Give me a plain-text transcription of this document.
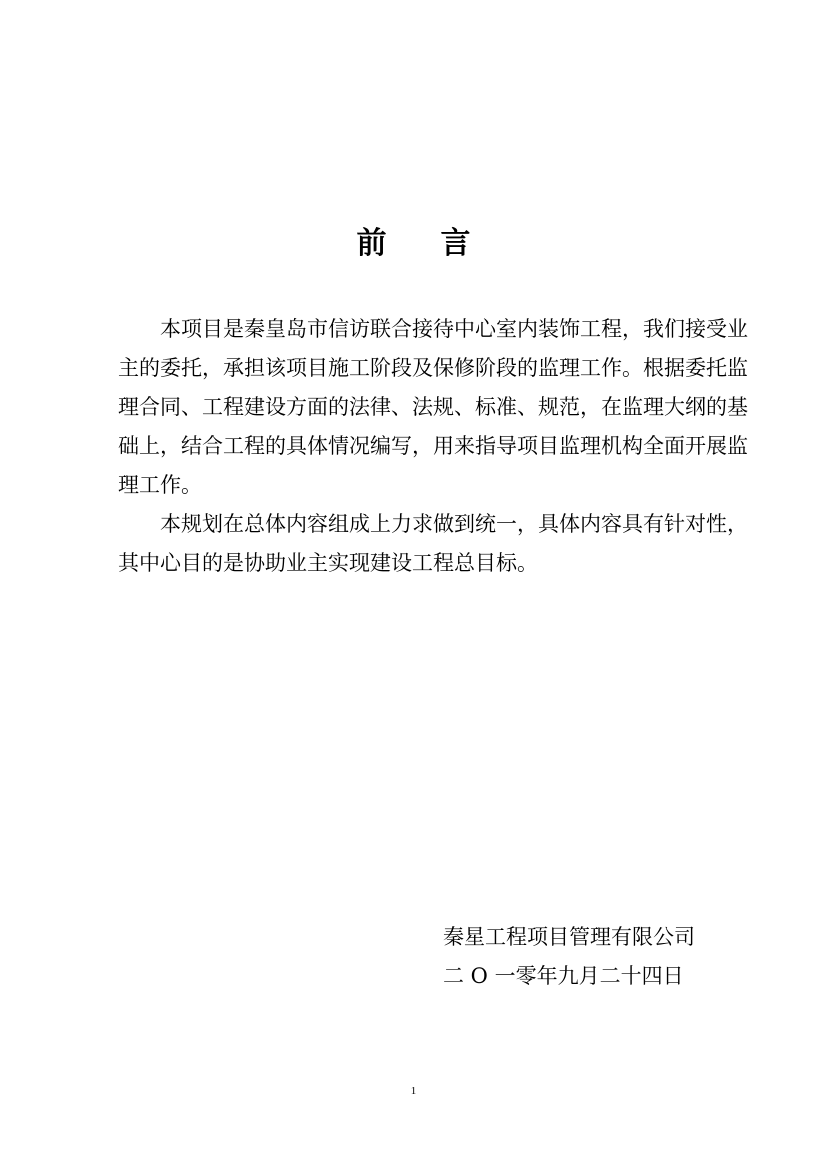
前 言

本项目是秦皇岛市信访联合接待中心室内装饰工程，我们接受业主的委托，承担该项目施工阶段及保修阶段的监理工作。根据委托监理合同、工程建设方面的法律、法规、标准、规范，在监理大纲的基础上，结合工程的具体情况编写，用来指导项目监理机构全面开展监理工作。

本规划在总体内容组成上力求做到统一，具体内容具有针对性，其中心目的是协助业主实现建设工程总目标。

秦星工程项目管理有限公司
二 O 一零年九月二十四日
1
